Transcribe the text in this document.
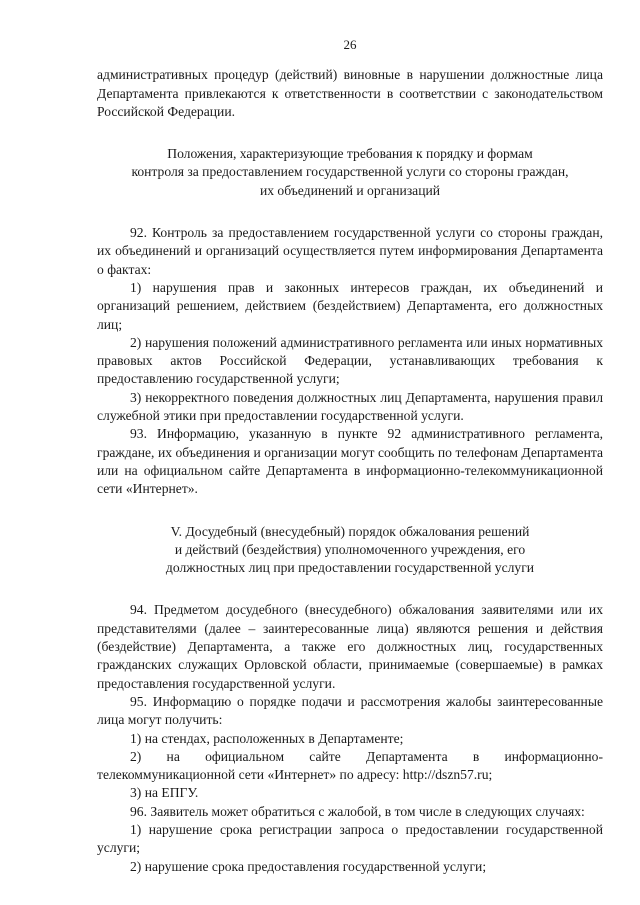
26

административных процедур (действий) виновные в нарушении должностные лица Департамента привлекаются к ответственности в соответствии с законодательством Российской Федерации.

Положения, характеризующие требования к порядку и формам

контроля за предоставлением государственной услуги со стороны граждан,

их объединений и организаций

92. Контроль за предоставлением государственной услуги со стороны граждан, их объединений и организаций осуществляется путем информирования Департамента о фактах:

1) нарушения прав и законных интересов граждан, их объединений и организаций решением, действием (бездействием) Департамента, его должностных лиц;

2) нарушения положений административного регламента или иных нормативных правовых актов Российской Федерации, устанавливающих требования к предоставлению государственной услуги;

3) некорректного поведения должностных лиц Департамента, нарушения правил служебной этики при предоставлении государственной услуги.

93. Информацию, указанную в пункте 92 административного регламента, граждане, их объединения и организации могут сообщить по телефонам Департамента или на официальном сайте Департамента в информационно-телекоммуникационной сети «Интернет».

V. Досудебный (внесудебный) порядок обжалования решений

и действий (бездействия) уполномоченного учреждения, его

должностных лиц при предоставлении государственной услуги

94. Предметом досудебного (внесудебного) обжалования заявителями или их представителями (далее – заинтересованные лица) являются решения и действия (бездействие) Департамента, а также его должностных лиц, государственных гражданских служащих Орловской области, принимаемые (совершаемые) в рамках предоставления государственной услуги.

95. Информацию о порядке подачи и рассмотрения жалобы заинтересованные лица могут получить:

1) на стендах, расположенных в Департаменте;

2) на официальном сайте Департамента в информационно-телекоммуникационной сети «Интернет» по адресу: http://dszn57.ru;

3) на ЕПГУ.

96. Заявитель может обратиться с жалобой, в том числе в следующих случаях:

1) нарушение срока регистрации запроса о предоставлении государственной услуги;

2) нарушение срока предоставления государственной услуги;
